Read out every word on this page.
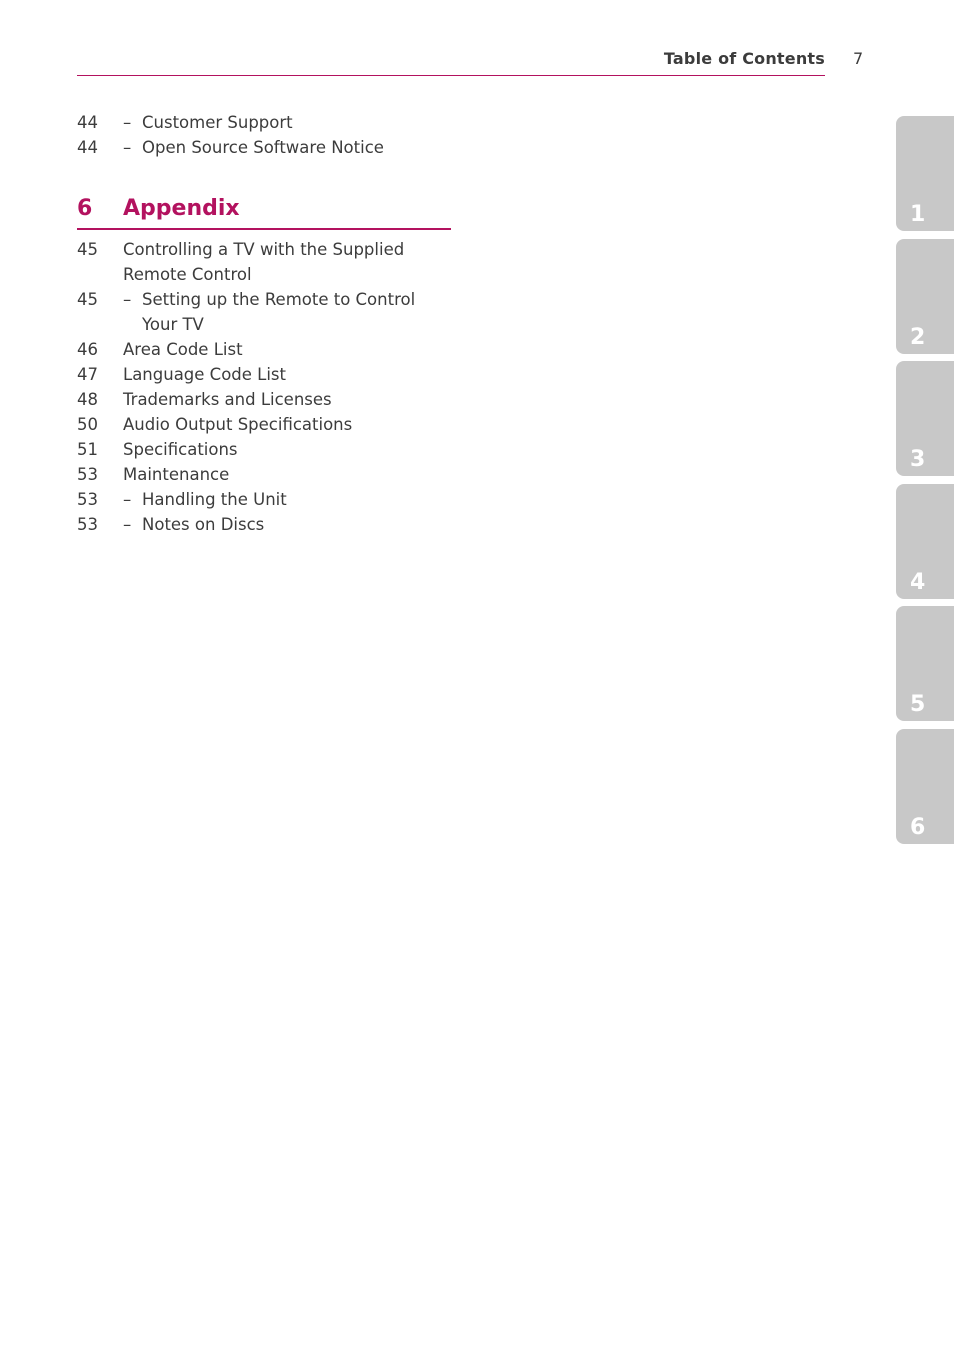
Table of Contents 7
44 – Customer Support
44 – Open Source Software Notice
6 Appendix
45 Controlling a TV with the Supplied Remote Control
45 – Setting up the Remote to Control Your TV
46 Area Code List
47 Language Code List
48 Trademarks and Licenses
50 Audio Output Specifications
51 Specifications
53 Maintenance
53 – Handling the Unit
53 – Notes on Discs
1
2
3
4
5
6
